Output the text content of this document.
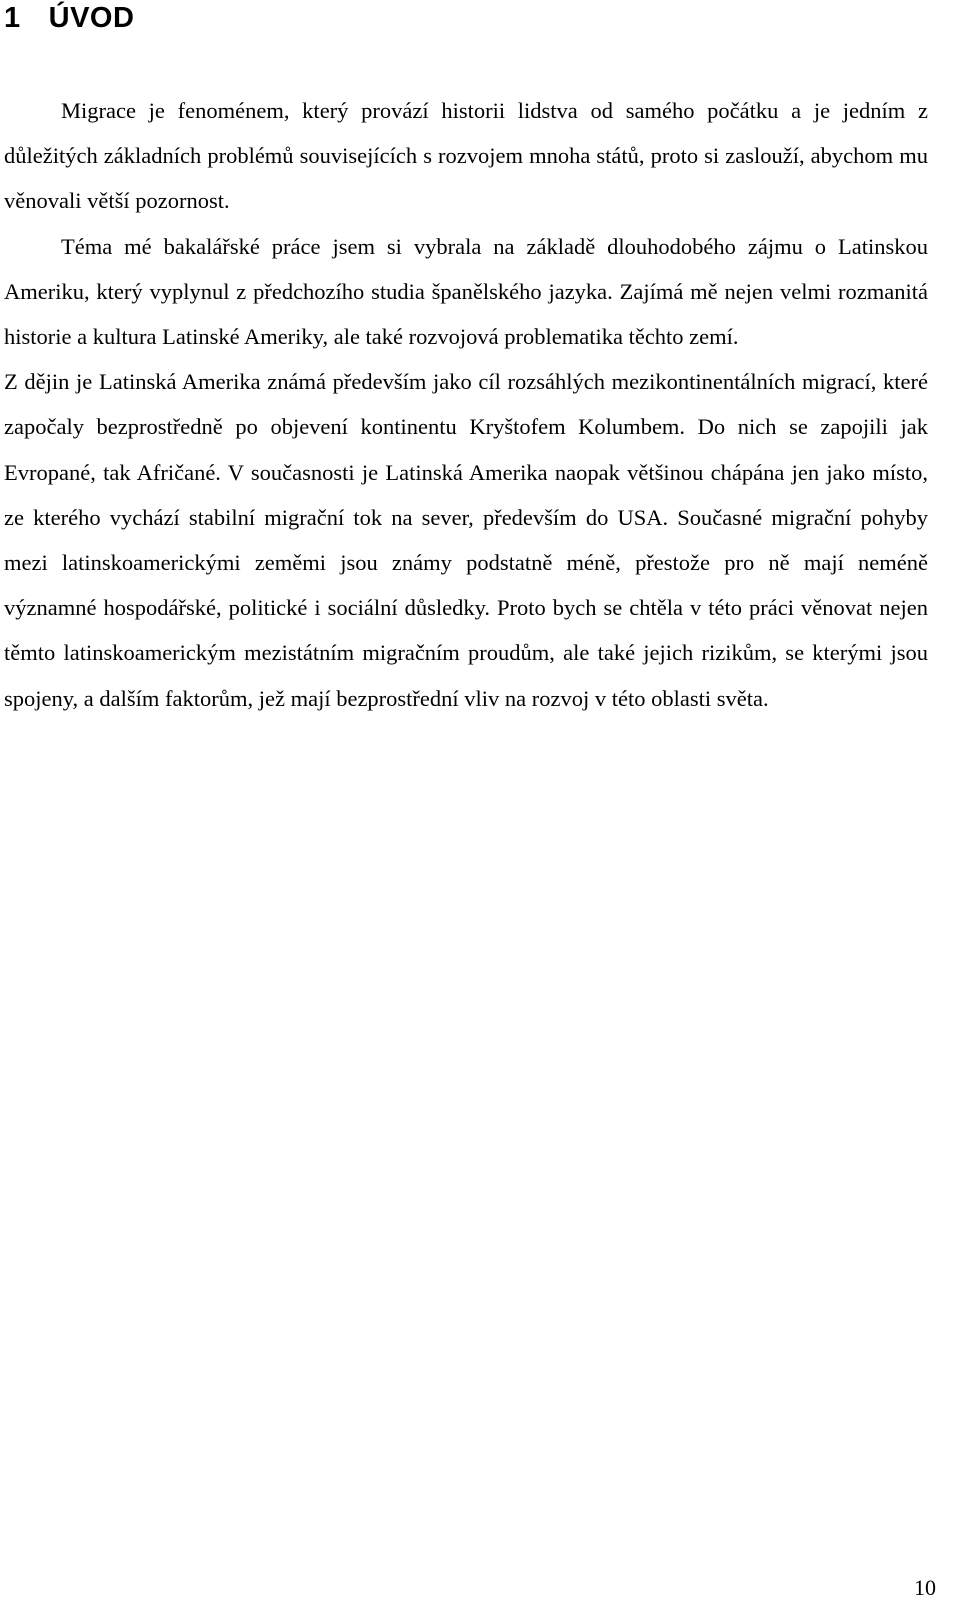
1 ÚVOD

Migrace je fenoménem, který provází historii lidstva od samého počátku a je jedním z důležitých základních problémů souvisejících s rozvojem mnoha států, proto si zaslouží, abychom mu věnovali větší pozornost.

Téma mé bakalářské práce jsem si vybrala na základě dlouhodobého zájmu o Latinskou Ameriku, který vyplynul z předchozího studia španělského jazyka. Zajímá mě nejen velmi rozmanitá historie a kultura Latinské Ameriky, ale také rozvojová problematika těchto zemí.

Z dějin je Latinská Amerika známá především jako cíl rozsáhlých mezikontinentálních migrací, které započaly bezprostředně po objevení kontinentu Kryštofem Kolumbem. Do nich se zapojili jak Evropané, tak Afričané. V současnosti je Latinská Amerika naopak většinou chápána jen jako místo, ze kterého vychází stabilní migrační tok na sever, především do USA. Současné migrační pohyby mezi latinskoamerickými zeměmi jsou známy podstatně méně, přestože pro ně mají neméně významné hospodářské, politické i sociální důsledky. Proto bych se chtěla v této práci věnovat nejen těmto latinskoamerickým mezistátním migračním proudům, ale také jejich rizikům, se kterými jsou spojeny, a dalším faktorům, jež mají bezprostřední vliv na rozvoj v této oblasti světa.

10
